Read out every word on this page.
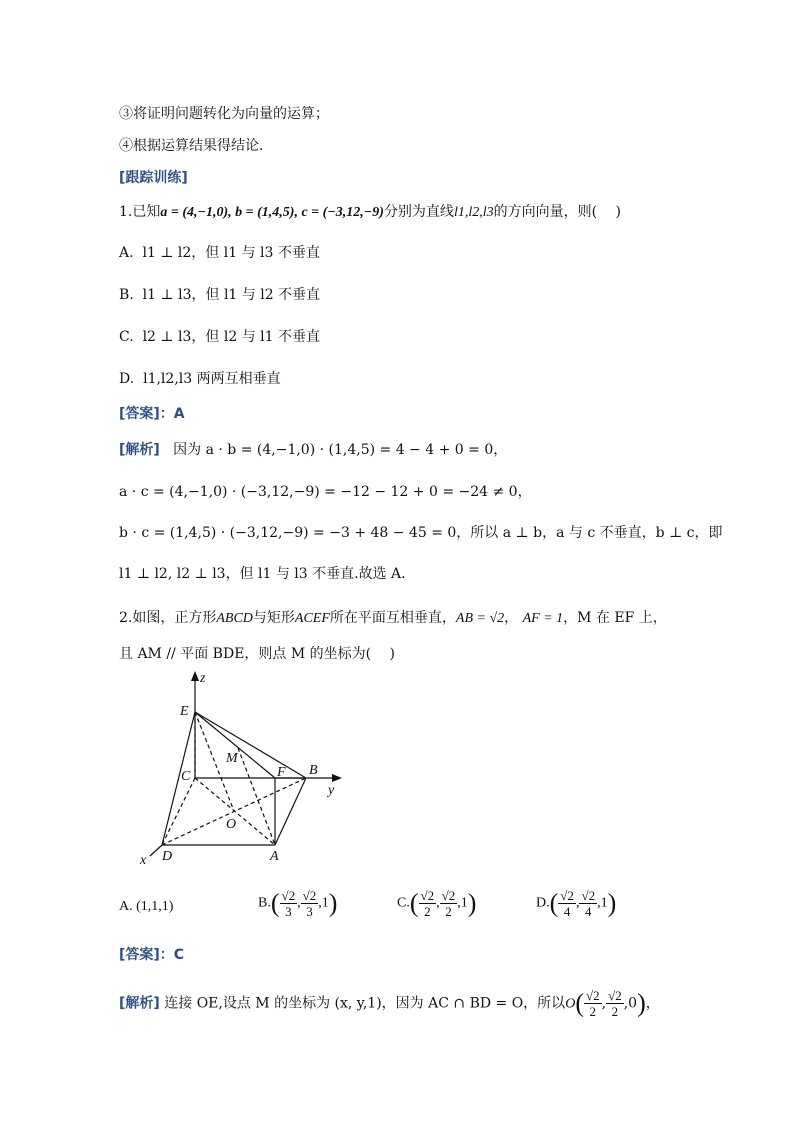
③将证明问题转化为向量的运算；
④根据运算结果得结论．
[跟踪训练]
1.已知a = (4,−1,0), b = (1,4,5), c = (−3,12,−9)分别为直线l1,l2,l3的方向向量，则(　 )
A. l1 ⊥ l2，但 l1 与 l3 不垂直
B. l1 ⊥ l3，但 l1 与 l2 不垂直
C. l2 ⊥ l3，但 l2 与 l1 不垂直
D. l1,l2,l3 两两互相垂直
[答案]：A
[解析] 因为 a · b = (4,−1,0) · (1,4,5) = 4 − 4 + 0 = 0，
a · c = (4,−1,0) · (−3,12,−9) = −12 − 12 + 0 = −24 ≠ 0，
b · c = (1,4,5) · (−3,12,−9) = −3 + 48 − 45 = 0，所以 a ⊥ b，a 与 c 不垂直，b ⊥ c，即
l1 ⊥ l2, l2 ⊥ l3，但 l1 与 l3 不垂直.故选 A.
2.如图，正方形ABCD与矩形ACEF所在平面互相垂直，AB = √2， AF = 1，M 在 EF 上，
且 AM // 平面 BDE，则点 M 的坐标为(　 )
z
y
x
E
M
F B
C
O
D	A
A. (1,1,1)	$B.( \frac{√2}{3}$ , $\frac{√2}{3} ,1$)	$C.( \frac{√2}{2}$ , $\frac{√2}{2} ,1$)	$D.( \frac{√2}{4}$ , $\frac{√2}{4} ,1$)
[答案]：C
[解析] 连接 OE,设点 M 的坐标为 (x, y,1)，因为 AC ∩ BD = O，所以$O( \frac{√2}{2}$ , $\frac{√2}{2} ,0$)，
